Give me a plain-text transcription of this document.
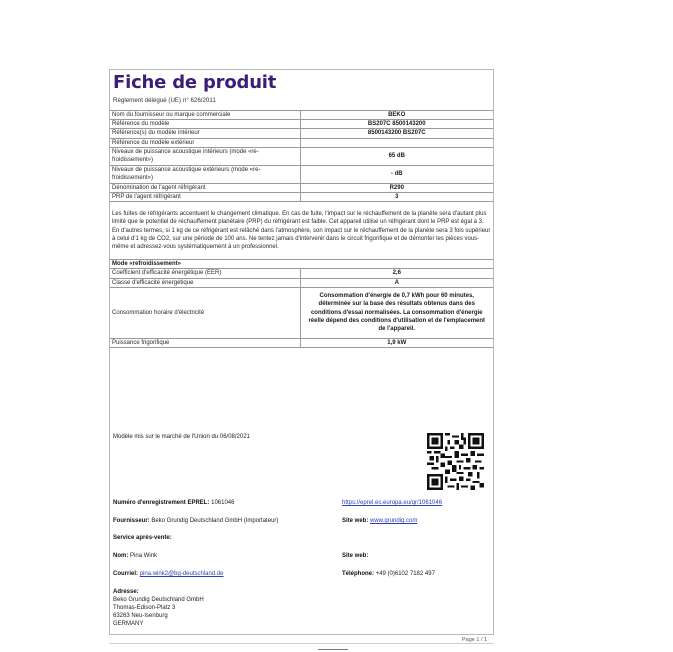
Fiche de produit
Règlement délégué (UE) n° 626/2011
Nom du fournisseur ou marque commerciale	BEKO
Référence du modèle	BS207C 8500143200
Référence(s) du modèle intérieur	8500143200 BS207C
Référence du modèle extérieur	
Niveaux de puissance acoustique intérieurs (mode «re-froidissement»)	65 dB
Niveaux de puissance acoustique extérieurs (mode «re-froidissement»)	- dB
Dénomination de l'agent réfrigérant	R290
PRP de l'agent réfrigérant	3
Les fuites de réfrigérants accentuent le changement climatique. En cas de fuite, l'impact sur le réchauffement de la planète sera d'autant plus limité que le potentiel de réchauffement planétaire (PRP) du réfrigérant est faible. Cet appareil utilise un réfrigérant dont le PRP est égal à 3. En d'autres termes, si 1 kg de ce réfrigérant est relâché dans l'atmosphère, son impact sur le réchauffement de la planète sera 3 fois supérieur à celui d'1 kg de CO2, sur une période de 100 ans. Ne tentez jamais d'intervenir dans le circuit frigorifique et de démonter les pièces vous-même et adressez-vous systématiquement à un professionnel.	
Mode «refroidissement»	
Coefficient d'efficacité énergétique (EER)	2,6
Classe d'efficacité énergétique	A
Consommation horaire d'électricité	Consommation d'énergie de 0,7 kWh pour 60 minutes, déterminée sur la base des résultats obtenus dans des conditions d'essai normalisées. La consommation d'énergie réelle dépend des conditions d'utilisation et de l'emplacement de l'appareil.
Puissance frigorifique	1,9 kW
Modèle mis sur le marché de l'Union du 06/08/2021
Numéro d'enregistrement EPREL: 1061046	https://eprel.ec.europa.eu/qr/1061046
Fournisseur: Beko Grundig Deutschland GmbH (Importateur)	Site web: www.grundig.com
Service après-vente:
Nom: Pina Wink	Site web:
Courriel: pina.wink2@bg-deutschland.de	Téléphone: +49 (0)6102 7182 497
Adresse:
Beko Grundig Deutschland GmbH
Thomas-Edison-Platz 3
63263 Neu-Isenburg
GERMANY
Page 1 / 1
